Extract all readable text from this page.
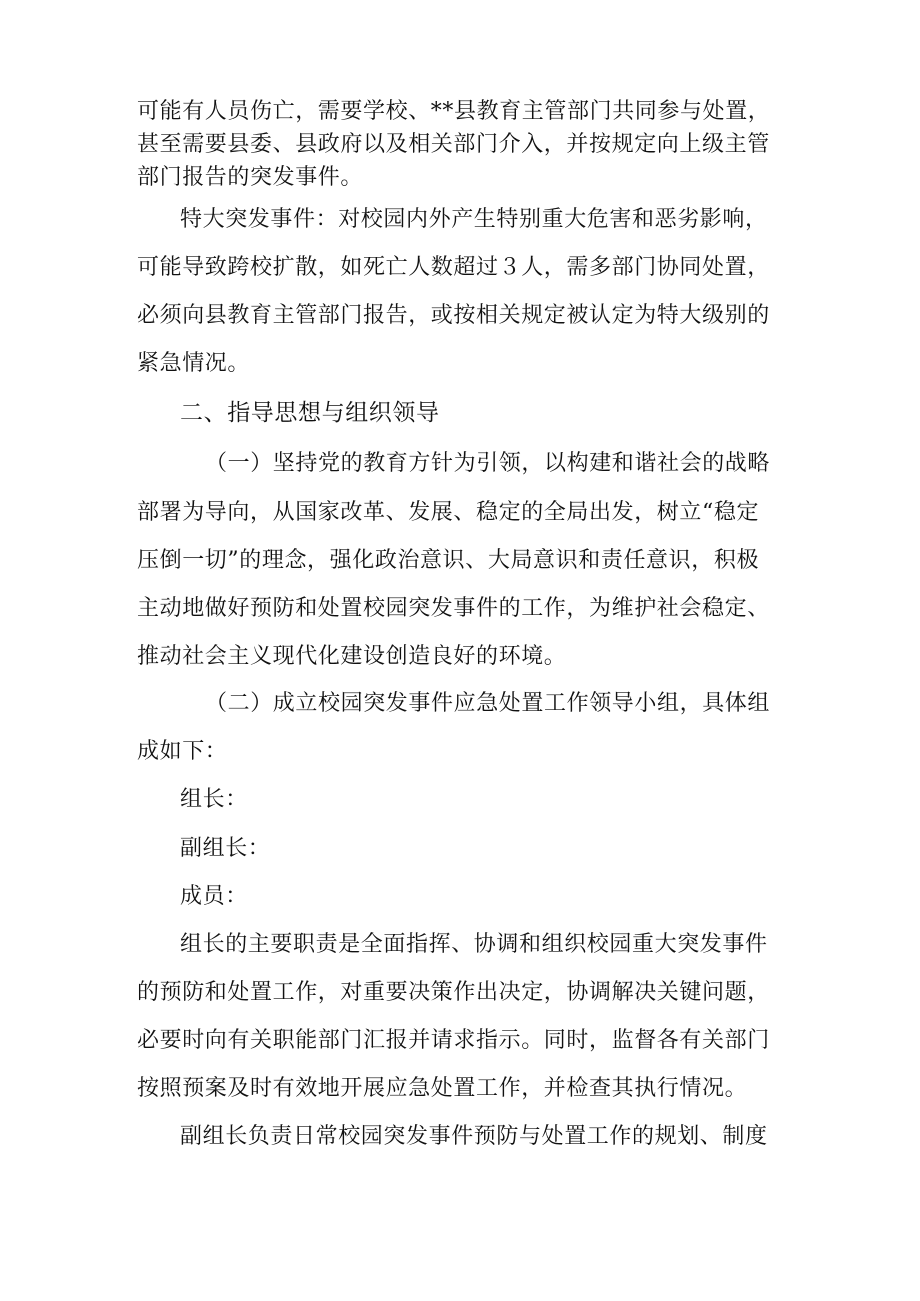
可能有人员伤亡，需要学校、**县教育主管部门共同参与处置，
甚至需要县委、县政府以及相关部门介入，并按规定向上级主管
部门报告的突发事件。
特大突发事件：对校园内外产生特别重大危害和恶劣影响，
可能导致跨校扩散，如死亡人数超过３人，需多部门协同处置，
必须向县教育主管部门报告，或按相关规定被认定为特大级别的
紧急情况。
二、指导思想与组织领导
（一）坚持党的教育方针为引领，以构建和谐社会的战略
部署为导向，从国家改革、发展、稳定的全局出发，树立“稳定
压倒一切”的理念，强化政治意识、大局意识和责任意识，积极
主动地做好预防和处置校园突发事件的工作，为维护社会稳定、
推动社会主义现代化建设创造良好的环境。
（二）成立校园突发事件应急处置工作领导小组，具体组
成如下：
组长：
副组长：
成员：
组长的主要职责是全面指挥、协调和组织校园重大突发事件
的预防和处置工作，对重要决策作出决定，协调解决关键问题，
必要时向有关职能部门汇报并请求指示。同时，监督各有关部门
按照预案及时有效地开展应急处置工作，并检查其执行情况。
副组长负责日常校园突发事件预防与处置工作的规划、制度
